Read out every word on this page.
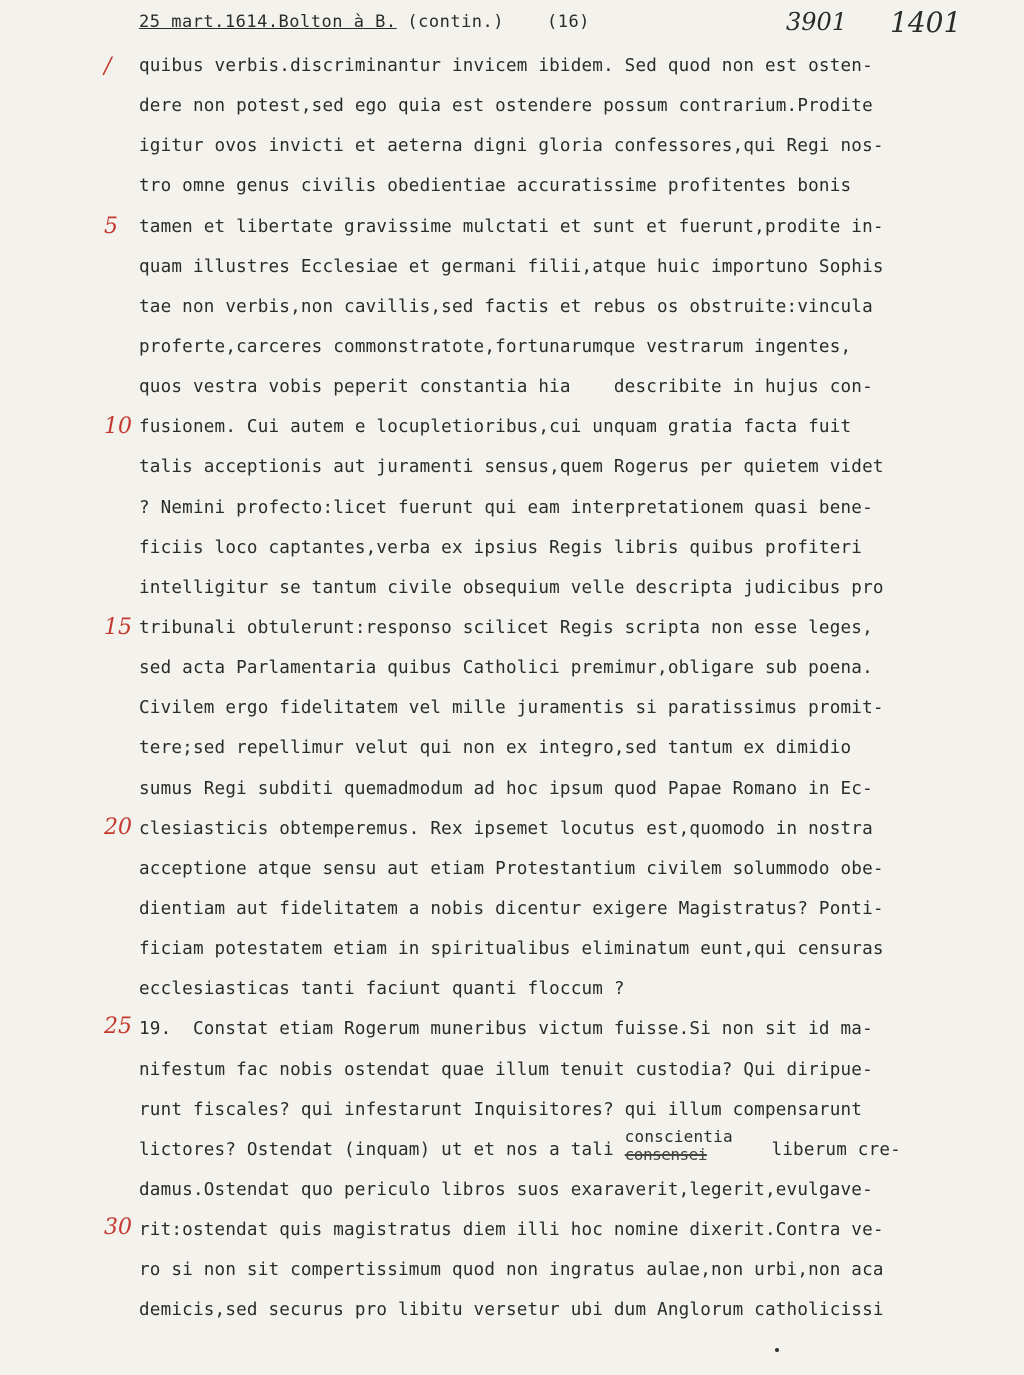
25 mart.1614.Bolton à B. (contin.)	(16)	3901 1401
/
5
10
15
20
25
30
quibus verbis.discriminantur invicem ibidem. Sed quod non est osten-
dere non potest,sed ego quia est ostendere possum contrarium.Prodite
igitur ovos invicti et aeterna digni gloria confessores,qui Regi nos-
tro omne genus civilis obedientiae accuratissime profitentes bonis
tamen et libertate gravissime mulctati et sunt et fuerunt,prodite in-
quam illustres Ecclesiae et germani filii,atque huic importuno Sophis
tae non verbis,non cavillis,sed factis et rebus os obstruite:vincula
proferte,carceres commonstratote,fortunarumque vestrarum ingentes,
quos vestra vobis peperit constantia hia    describite in hujus con-
fusionem. Cui autem e locupletioribus,cui unquam gratia facta fuit
talis acceptionis aut juramenti sensus,quem Rogerus per quietem videt
? Nemini profecto:licet fuerunt qui eam interpretationem quasi bene-
ficiis loco captantes,verba ex ipsius Regis libris quibus profiteri
intelligitur se tantum civile obsequium velle descripta judicibus pro
tribunali obtulerunt:responso scilicet Regis scripta non esse leges,
sed acta Parlamentaria quibus Catholici premimur,obligare sub poena.
Civilem ergo fidelitatem vel mille juramentis si paratissimus promit-
tere;sed repellimur velut qui non ex integro,sed tantum ex dimidio
sumus Regi subditi quemadmodum ad hoc ipsum quod Papae Romano in Ec-
clesiasticis obtemperemus. Rex ipsemet locutus est,quomodo in nostra
acceptione atque sensu aut etiam Protestantium civilem solummodo obe-
dientiam aut fidelitatem a nobis dicentur exigere Magistratus? Ponti-
ficiam potestatem etiam in spiritualibus eliminatum eunt,qui censuras
ecclesiasticas tanti faciunt quanti floccum ?
19.  Constat etiam Rogerum muneribus victum fuisse.Si non sit id ma-
nifestum fac nobis ostendat quae illum tenuit custodia? Qui diripue-
runt fiscales? qui infestarunt Inquisitores? qui illum compensarunt
lictores? Ostendat (inquam) ut et nos a tali
conscientia
consensei	liberum cre-
damus.Ostendat quo periculo libros suos exaraverit,legerit,evulgave-
rit:ostendat quis magistratus diem illi hoc nomine dixerit.Contra ve-
ro si non sit compertissimum quod non ingratus aulae,non urbi,non aca
demicis,sed securus pro libitu versetur ubi dum Anglorum catholicissi
